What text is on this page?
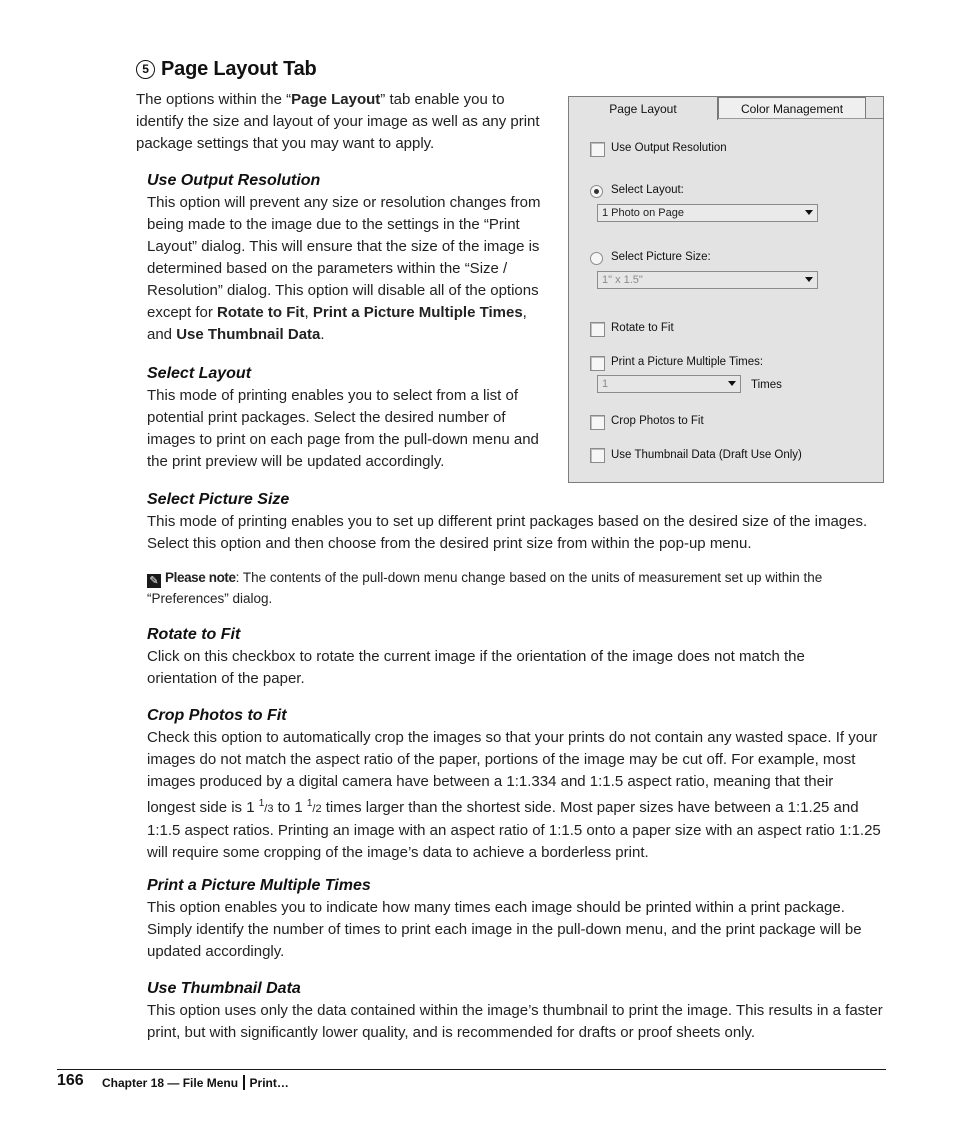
5 Page Layout Tab
The options within the “Page Layout” tab enable you to identify the size and layout of your image as well as any print package settings that you may want to apply.
Use Output Resolution
This option will prevent any size or resolution changes from being made to the image due to the settings in the “Print Layout” dialog. This will ensure that the size of the image is determined based on the parameters within the “Size / Resolution” dialog. This option will disable all of the options except for Rotate to Fit, Print a Picture Multiple Times, and Use Thumbnail Data.
Select Layout
This mode of printing enables you to select from a list of potential print packages. Select the desired number of images to print on each page from the pull-down menu and the print preview will be updated accordingly.
Page Layout	Color Management
Use Output Resolution
Select Layout:
1 Photo on Page
Select Picture Size:
1" x 1.5"
Rotate to Fit
Print a Picture Multiple Times:
1	Times
Crop Photos to Fit
Use Thumbnail Data (Draft Use Only)
Select Picture Size
This mode of printing enables you to set up different print packages based on the desired size of the images. Select this option and then choose from the desired print size from within the pop-up menu.
✎ Please note: The contents of the pull-down menu change based on the units of measurement set up within the “Preferences” dialog.
Rotate to Fit
Click on this checkbox to rotate the current image if the orientation of the image does not match the orientation of the paper.
Crop Photos to Fit
Check this option to automatically crop the images so that your prints do not contain any wasted space. If your images do not match the aspect ratio of the paper, portions of the image may be cut off. For example, most images produced by a digital camera have between a 1:1.334 and 1:1.5 aspect ratio, meaning that their longest side is 1 $^1$/3 to 1 $^1$/2 times larger than the shortest side. Most paper sizes have between a 1:1.25 and 1:1.5 aspect ratios. Printing an image with an aspect ratio of 1:1.5 onto a paper size with an aspect ratio 1:1.25 will require some cropping of the image’s data to achieve a borderless print.
Print a Picture Multiple Times
This option enables you to indicate how many times each image should be printed within a print package. Simply identify the number of times to print each image in the pull-down menu, and the print package will be updated accordingly.
Use Thumbnail Data
This option uses only the data contained within the image’s thumbnail to print the image. This results in a faster print, but with significantly lower quality, and is recommended for drafts or proof sheets only.
166 Chapter 18 — File Menu Print…
